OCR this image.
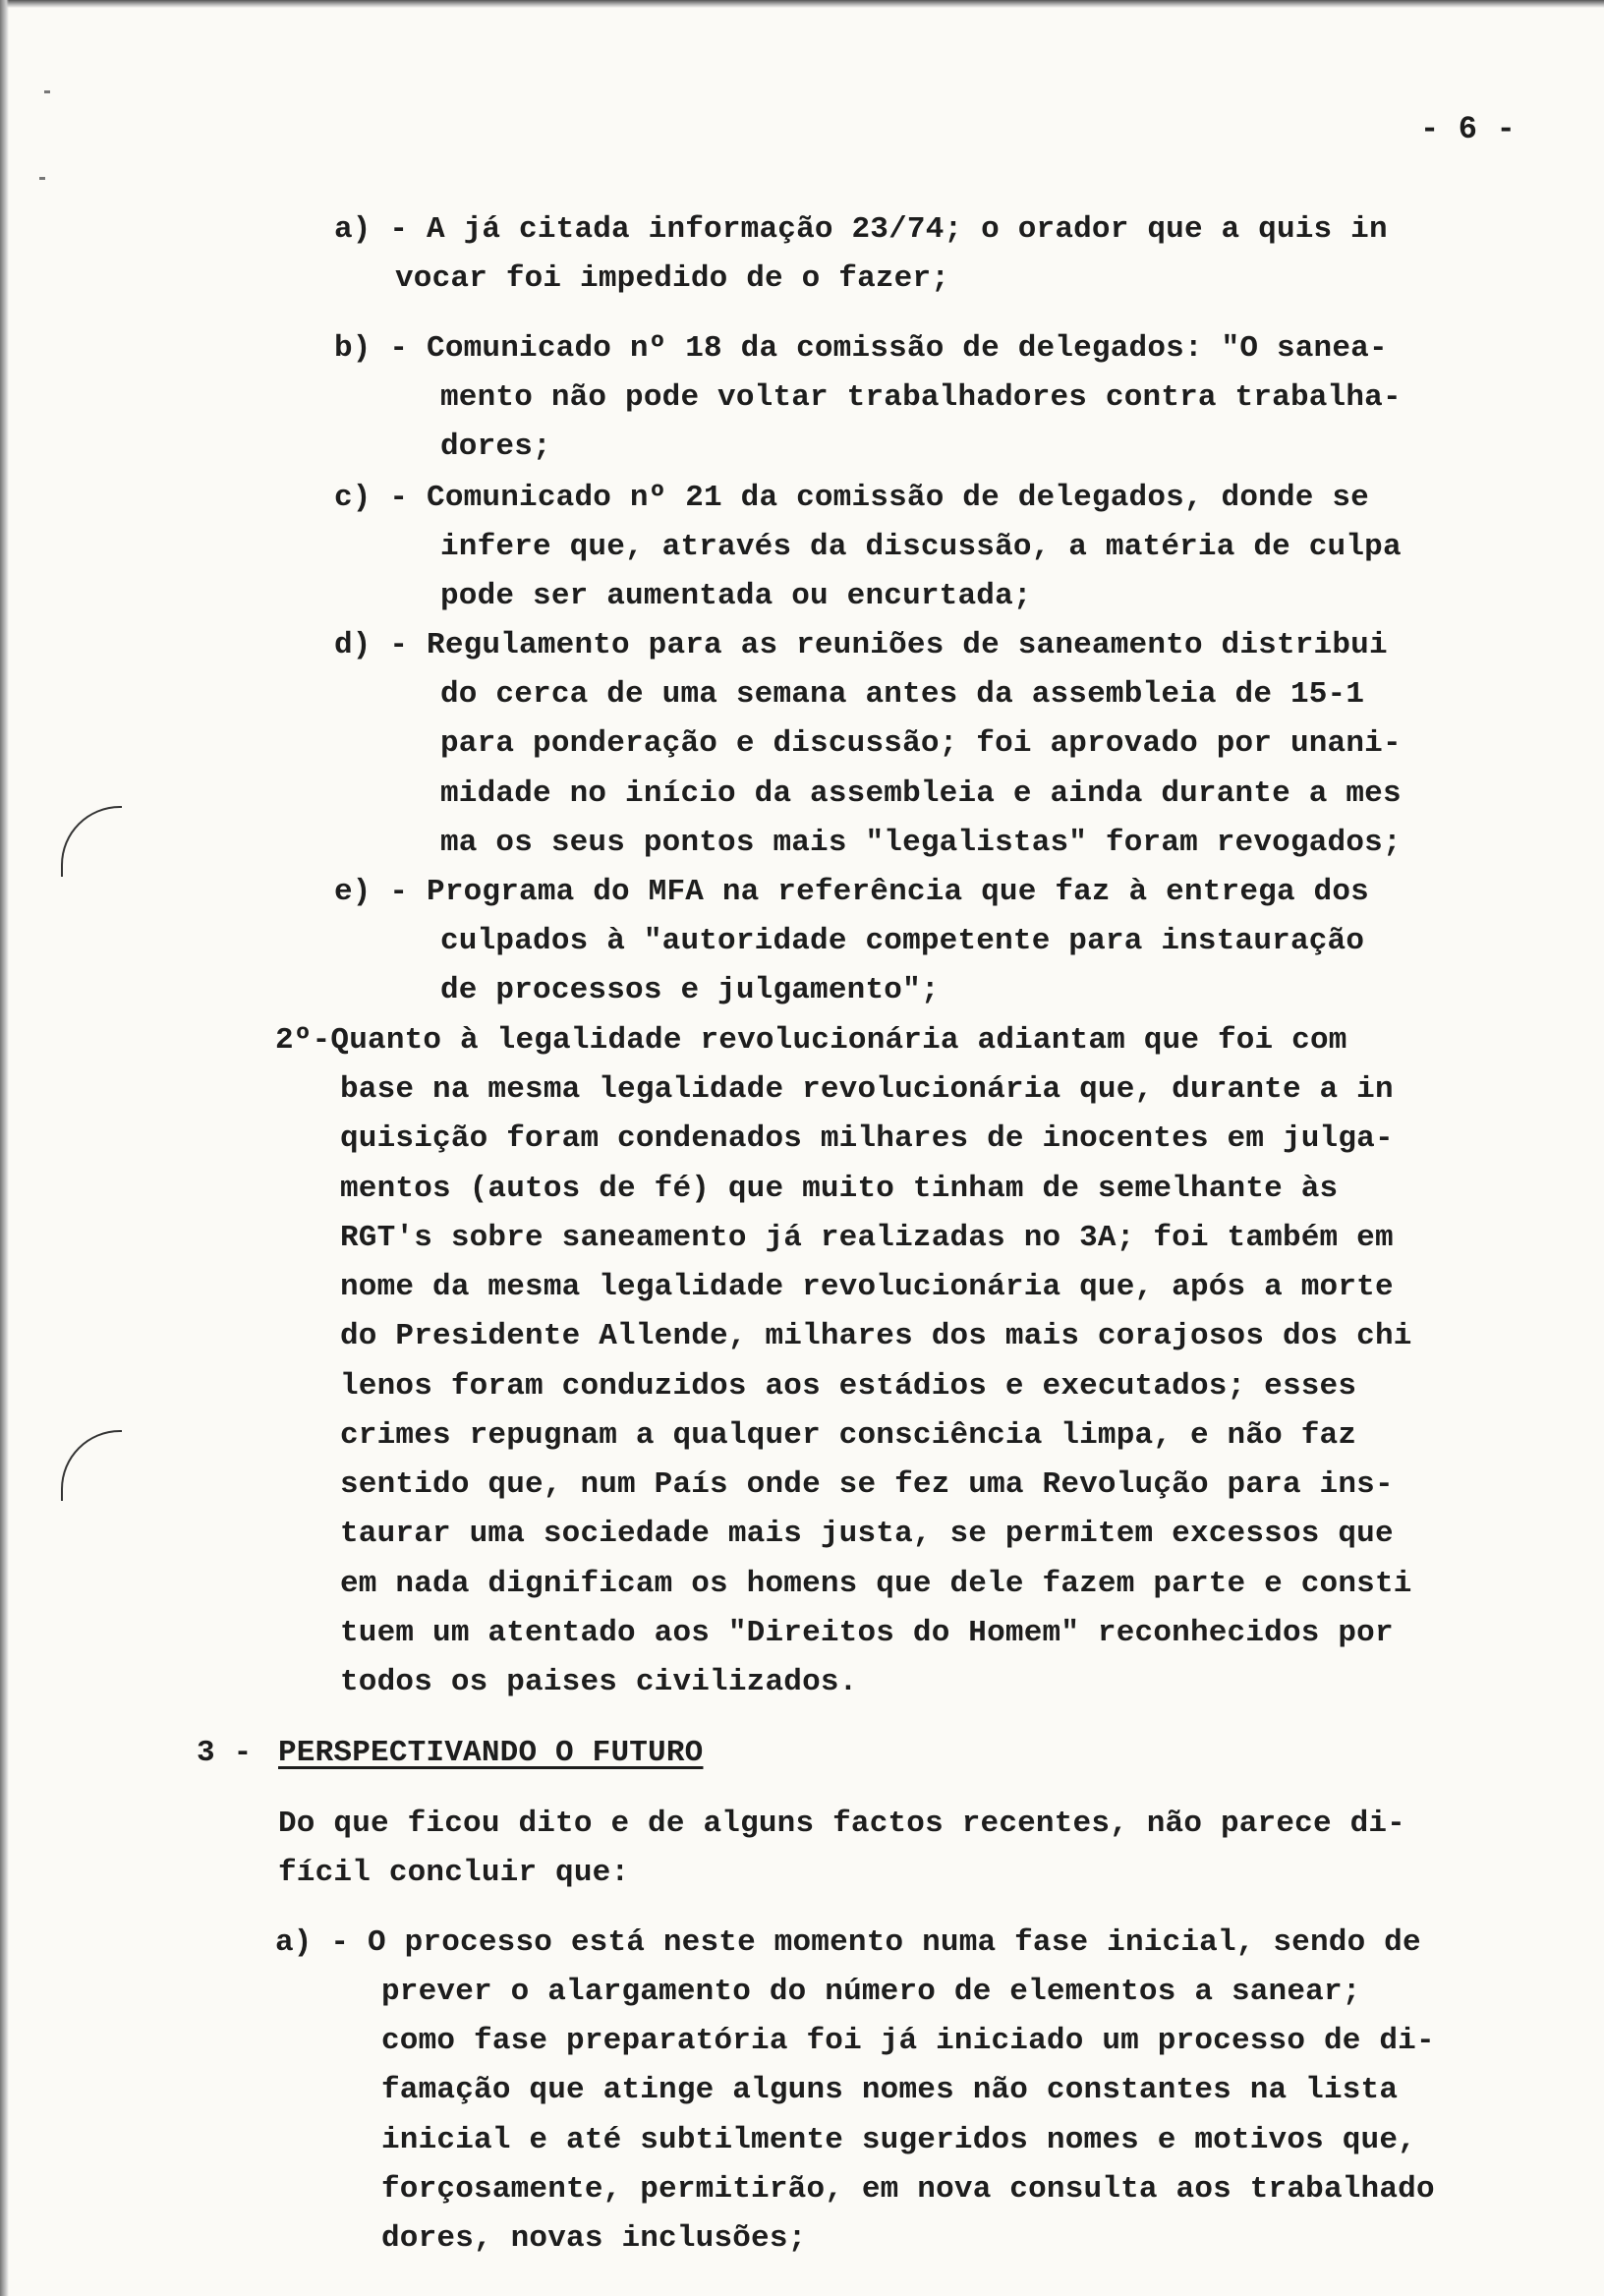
- 6 -
a) - A já citada informação 23/74; o orador que a quis in
vocar foi impedido de o fazer;
b) - Comunicado nº 18 da comissão de delegados: "O sanea-
mento não pode voltar trabalhadores contra trabalha-
dores;
c) - Comunicado nº 21 da comissão de delegados, donde se
infere que, através da discussão, a matéria de culpa
pode ser aumentada ou encurtada;
d) - Regulamento para as reuniões de saneamento distribui
do cerca de uma semana antes da assembleia de 15-1
para ponderação e discussão; foi aprovado por unani-
midade no início da assembleia e ainda durante a mes
ma os seus pontos mais "legalistas" foram revogados;
e) - Programa do MFA na referência que faz à entrega dos
culpados à "autoridade competente para instauração
de processos e julgamento";
2º-Quanto à legalidade revolucionária adiantam que foi com
base na mesma legalidade revolucionária que, durante a in
quisição foram condenados milhares de inocentes em julga-
mentos (autos de fé) que muito tinham de semelhante às
RGT's sobre saneamento já realizadas no 3A; foi também em
nome da mesma legalidade revolucionária que, após a morte
do Presidente Allende, milhares dos mais corajosos dos chi
lenos foram conduzidos aos estádios e executados; esses
crimes repugnam a qualquer consciência limpa, e não faz
sentido que, num País onde se fez uma Revolução para ins-
taurar uma sociedade mais justa, se permitem excessos que
em nada dignificam os homens que dele fazem parte e consti
tuem um atentado aos "Direitos do Homem" reconhecidos por
todos os paises civilizados.
3 - PERSPECTIVANDO O FUTURO
Do que ficou dito e de alguns factos recentes, não parece di-
fícil concluir que:
a) - O processo está neste momento numa fase inicial, sendo de
prever o alargamento do número de elementos a sanear;
como fase preparatória foi já iniciado um processo de di-
famação que atinge alguns nomes não constantes na lista
inicial e até subtilmente sugeridos nomes e motivos que,
forçosamente, permitirão, em nova consulta aos trabalhado
dores, novas inclusões;
